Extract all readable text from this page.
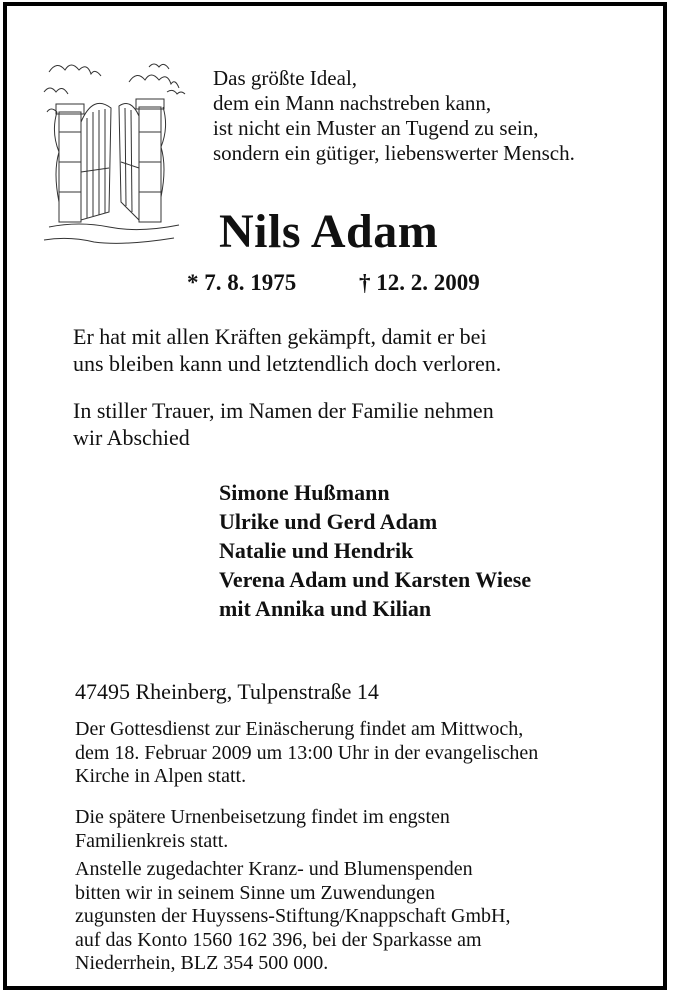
Das größte Ideal,
dem ein Mann nachstreben kann,
ist nicht ein Muster an Tugend zu sein,
sondern ein gütiger, liebenswerter Mensch.
Nils Adam
* 7. 8. 1975	† 12. 2. 2009
Er hat mit allen Kräften gekämpft, damit er bei
uns bleiben kann und letztendlich doch verloren.
In stiller Trauer, im Namen der Familie nehmen
wir Abschied
Simone Hußmann
Ulrike und Gerd Adam
Natalie und Hendrik
Verena Adam und Karsten Wiese
mit Annika und Kilian
47495 Rheinberg, Tulpenstraße 14
Der Gottesdienst zur Einäscherung findet am Mittwoch,
dem 18. Februar 2009 um 13:00 Uhr in der evangelischen
Kirche in Alpen statt.
Die spätere Urnenbeisetzung findet im engsten
Familienkreis statt.
Anstelle zugedachter Kranz- und Blumenspenden
bitten wir in seinem Sinne um Zuwendungen
zugunsten der Huyssens-Stiftung/Knappschaft GmbH,
auf das Konto 1560 162 396, bei der Sparkasse am
Niederrhein, BLZ 354 500 000.
